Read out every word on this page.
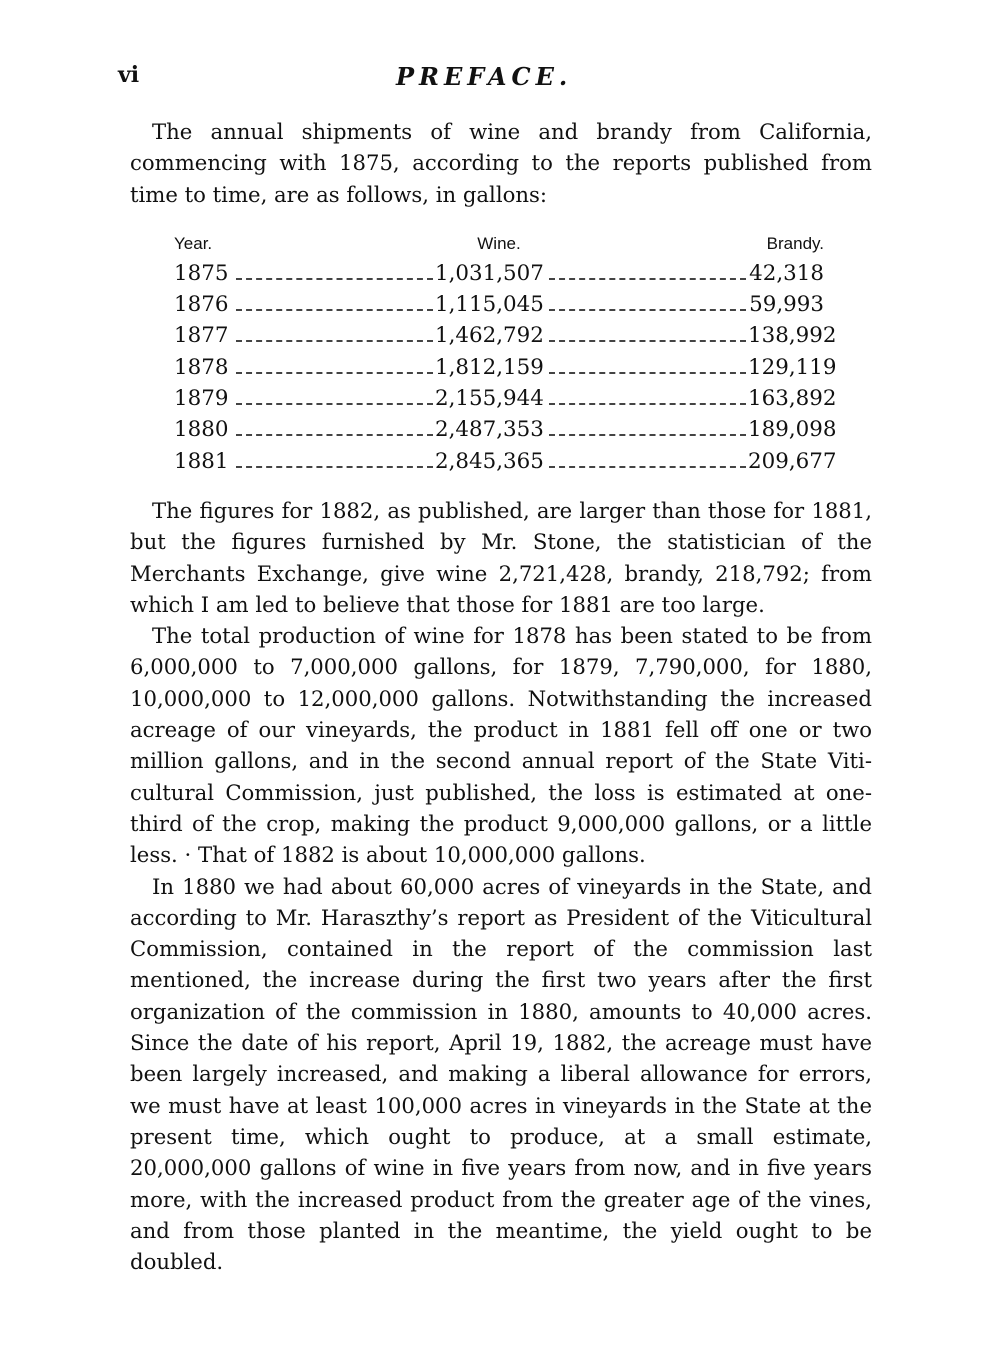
vi	PREFACE.

The annual shipments of wine and brandy from California, commencing with 1875, according to the reports published from time to time, are as follows, in gallons:

Year.	Wine.	Brandy.
1875	1,031,507	42,318
1876	1,115,045	59,993
1877	1,462,792	138,992
1878	1,812,159	129,119
1879	2,155,944	163,892
1880	2,487,353	189,098
1881	2,845,365	209,677

The figures for 1882, as published, are larger than those for 1881, but the figures furnished by Mr. Stone, the statistician of the Merchants Exchange, give wine 2,721,428, brandy, 218,792; from which I am led to believe that those for 1881 are too large.

The total production of wine for 1878 has been stated to be from 6,000,000 to 7,000,000 gallons, for 1879, 7,790,000, for 1880, 10,000,000 to 12,000,000 gallons. Notwithstanding the increased acreage of our vineyards, the product in 1881 fell off one or two million gallons, and in the second annual report of the State Viticultural Commission, just published, the loss is estimated at onethird of the crop, making the product 9,000,000 gallons, or a little less. · That of 1882 is about 10,000,000 gallons.

In 1880 we had about 60,000 acres of vineyards in the State, and according to Mr. Haraszthy’s report as President of the Viticultural Commission, contained in the report of the commission last mentioned, the increase during the first two years after the first organization of the commission in 1880, amounts to 40,000 acres. Since the date of his report, April 19, 1882, the acreage must have been largely increased, and making a liberal allowance for errors, we must have at least 100,000 acres in vineyards in the State at the present time, which ought to produce, at a small estimate, 20,000,000 gallons of wine in five years from now, and in five years more, with the increased product from the greater age of the vines, and from those planted in the meantime, the yield ought to be doubled.
